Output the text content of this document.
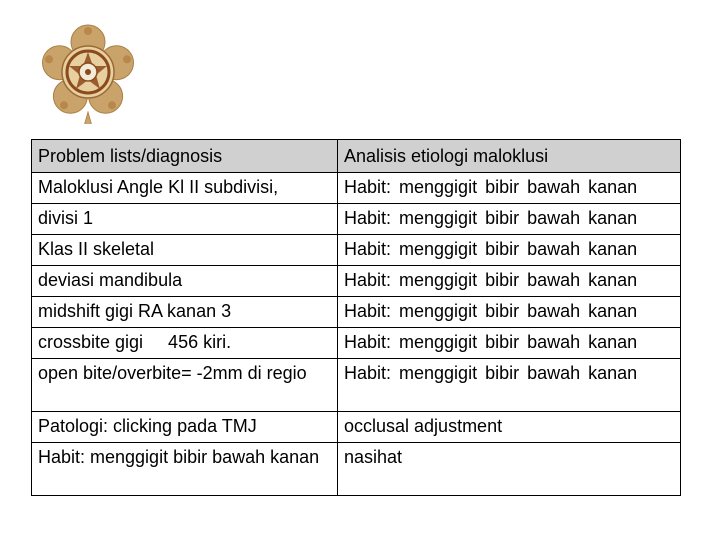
Problem lists/diagnosis	Analisis etiologi maloklusi
Maloklusi Angle Kl II subdivisi,	Habit: menggigit bibir bawah kanan
divisi 1	Habit: menggigit bibir bawah kanan
Klas II skeletal	Habit: menggigit bibir bawah kanan
deviasi mandibula	Habit: menggigit bibir bawah kanan
midshift gigi RA kanan 3	Habit: menggigit bibir bawah kanan
crossbite gigi     456 kiri.	Habit: menggigit bibir bawah kanan
open bite/overbite= -2mm di regio	Habit: menggigit bibir bawah kanan
Patologi: clicking pada TMJ	occlusal adjustment
Habit: menggigit bibir bawah kanan	nasihat
